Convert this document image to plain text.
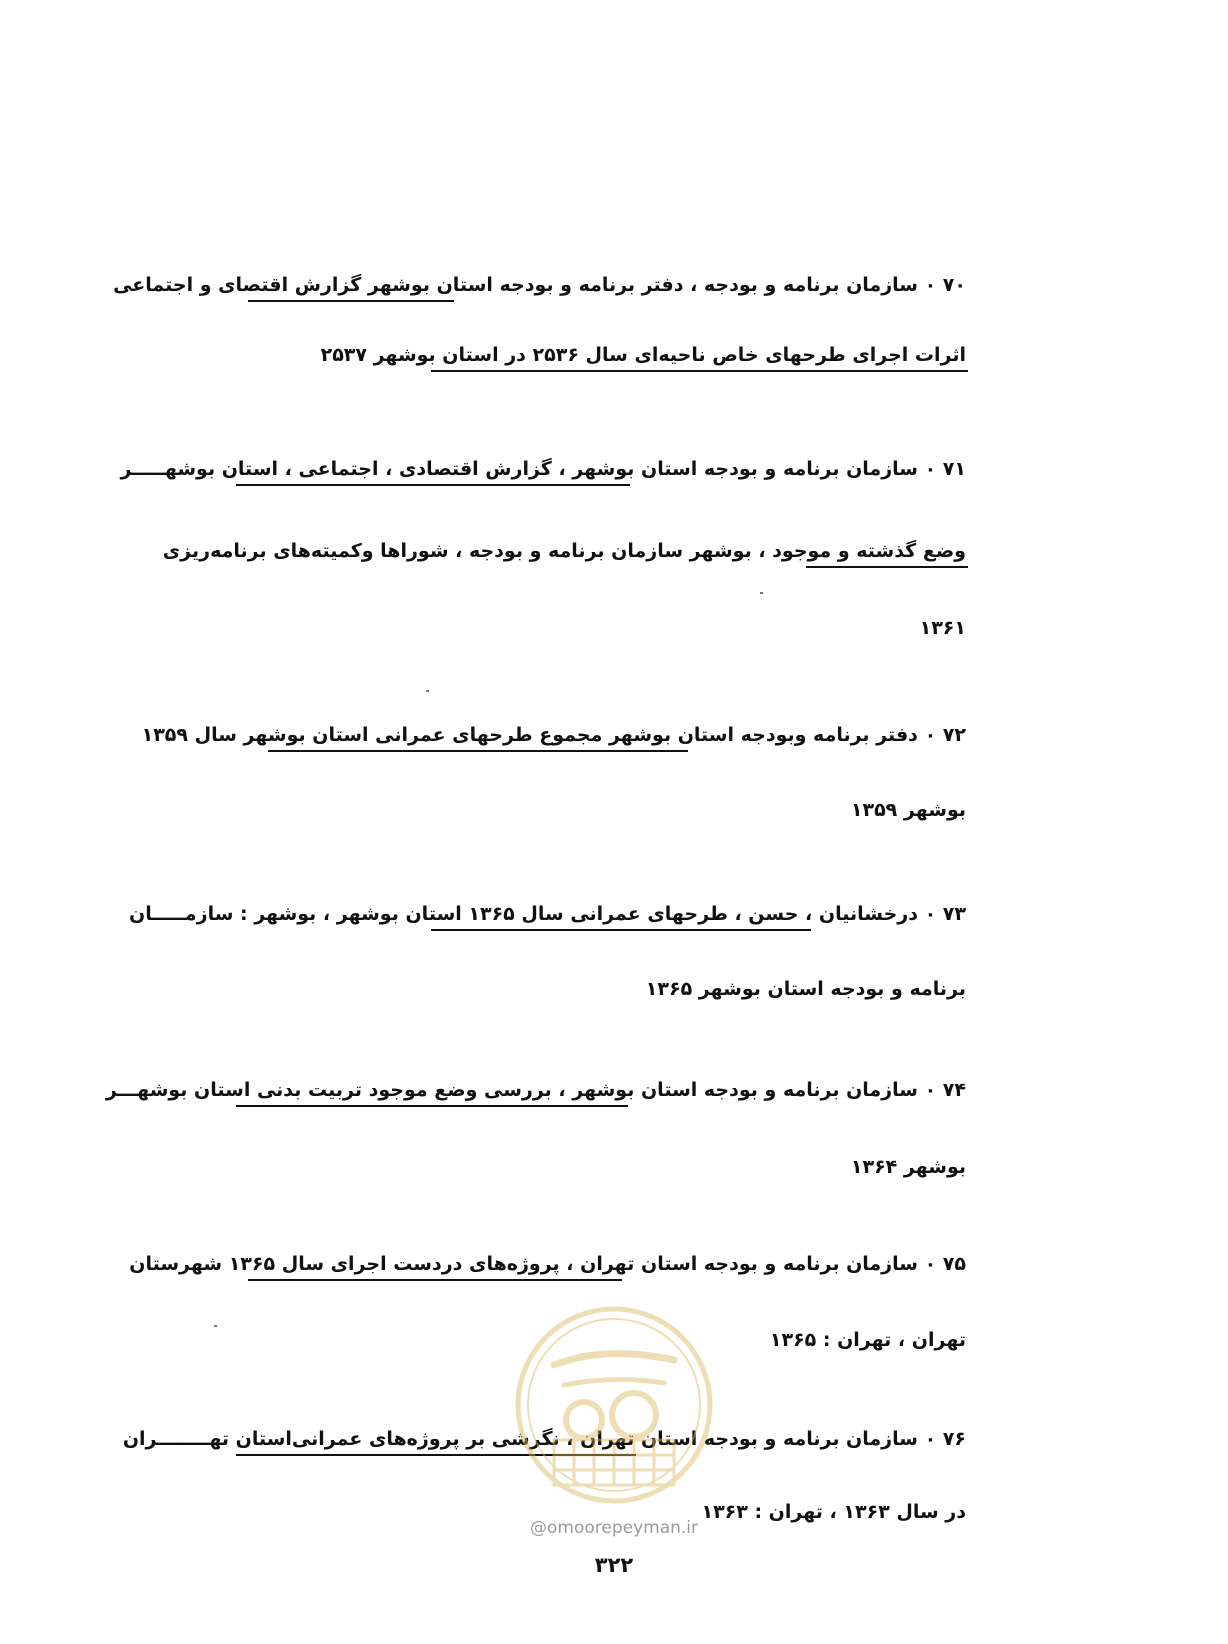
۷۰ ۰ سازمان برنامه و بودجه ، دفتر برنامه و بودجه استان بوشهر گزارش اقتصای و اجتماعی
اثرات اجرای طرحهای خاص ناحیه‌ای سال ۲۵۳۶ در استان بوشهر ۲۵۳۷
۷۱ ۰ سازمان برنامه و بودجه استان بوشهر ، گزارش اقتصادی ، اجتماعی ، استان بوشهـــــر
وضع گذشته و موجود ، بوشهر سازمان برنامه و بودجه ، شوراها وکمیته‌های برنامه‌ریزی
۱۳۶۱
۷۲ ۰ دفتر برنامه وبودجه استان بوشهر مجموع طرحهای عمرانی استان بوشهر سال ۱۳۵۹
بوشهر ۱۳۵۹
۷۳ ۰ درخشانیان ، حسن ، طرحهای عمرانی سال ۱۳۶۵ استان بوشهر ، بوشهر : سازمـــــان
برنامه و بودجه استان بوشهر ۱۳۶۵
۷۴ ۰ سازمان برنامه و بودجه استان بوشهر ، بررسی وضع موجود تربیت بدنی استان بوشهـــر
بوشهر ۱۳۶۴
۷۵ ۰ سازمان برنامه و بودجه استان تهران ، پروژه‌های دردست اجرای سال ۱۳۶۵ شهرستان
تهران ، تهران : ۱۳۶۵
۷۶ ۰ سازمان برنامه و بودجه استان تهران ، نگرشی بر پروژه‌های عمرانی‌استان تهــــــــران
در سال ۱۳۶۳ ، تهران : ۱۳۶۳
@omoorepeyman.ir
۳۲۲
